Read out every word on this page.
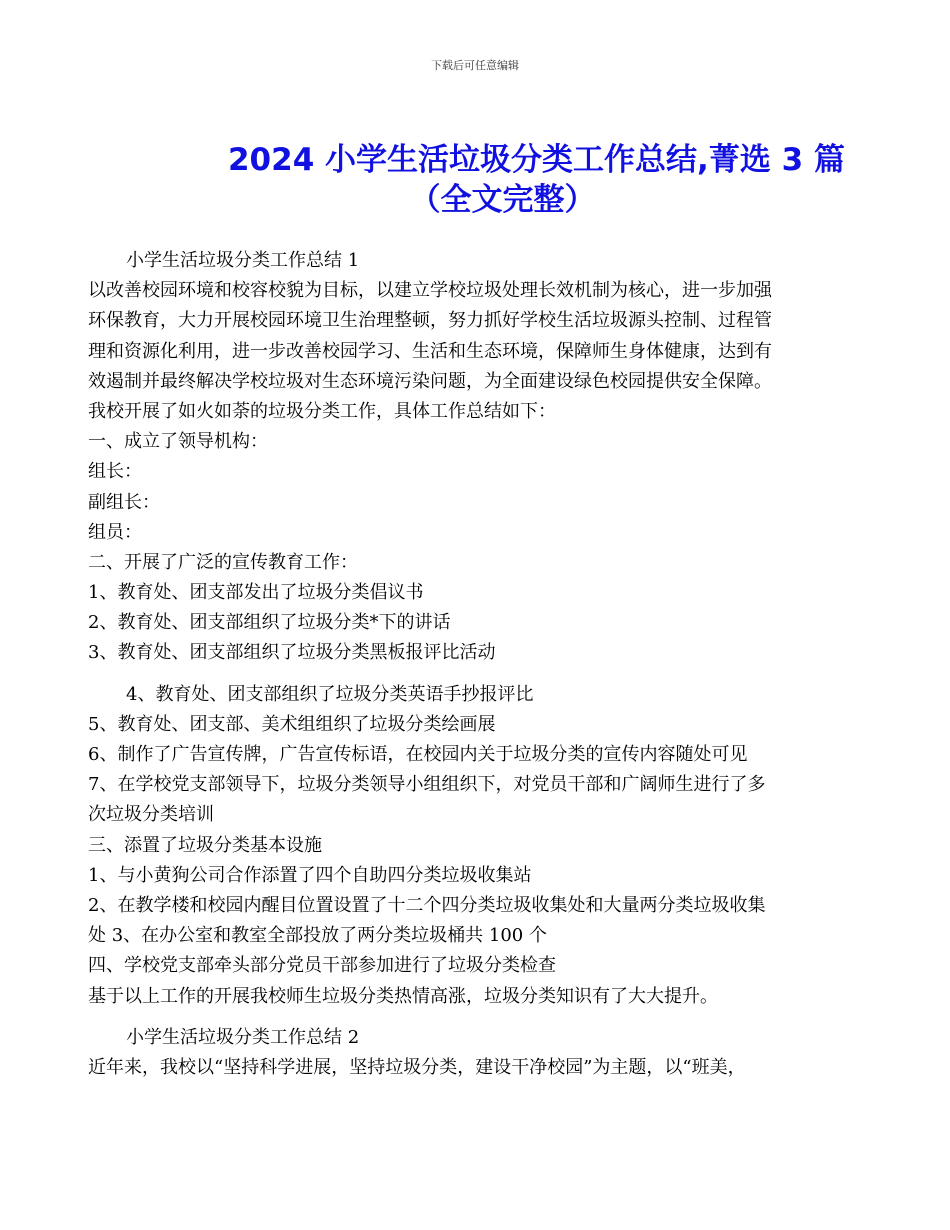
下载后可任意编辑
2024 小学生活垃圾分类工作总结,菁选 3 篇
（全文完整）
小学生活垃圾分类工作总结 1
以改善校园环境和校容校貌为目标，以建立学校垃圾处理长效机制为核心，进一步加强
环保教育，大力开展校园环境卫生治理整顿，努力抓好学校生活垃圾源头控制、过程管
理和资源化利用，进一步改善校园学习、生活和生态环境，保障师生身体健康，达到有
效遏制并最终解决学校垃圾对生态环境污染问题，为全面建设绿色校园提供安全保障。
我校开展了如火如荼的垃圾分类工作，具体工作总结如下：
一、成立了领导机构：
组长：
副组长：
组员：
二、开展了广泛的宣传教育工作：
1、教育处、团支部发出了垃圾分类倡议书
2、教育处、团支部组织了垃圾分类*下的讲话
3、教育处、团支部组织了垃圾分类黑板报评比活动
4、教育处、团支部组织了垃圾分类英语手抄报评比
5、教育处、团支部、美术组组织了垃圾分类绘画展
6、制作了广告宣传牌，广告宣传标语，在校园内关于垃圾分类的宣传内容随处可见
7、在学校党支部领导下，垃圾分类领导小组组织下，对党员干部和广阔师生进行了多
次垃圾分类培训
三、添置了垃圾分类基本设施
1、与小黄狗公司合作添置了四个自助四分类垃圾收集站
2、在教学楼和校园内醒目位置设置了十二个四分类垃圾收集处和大量两分类垃圾收集
处 3、在办公室和教室全部投放了两分类垃圾桶共 100 个
四、学校党支部牵头部分党员干部参加进行了垃圾分类检查
基于以上工作的开展我校师生垃圾分类热情高涨，垃圾分类知识有了大大提升。
小学生活垃圾分类工作总结 2
近年来，我校以“坚持科学进展，坚持垃圾分类，建设干净校园”为主题，以“班美，
